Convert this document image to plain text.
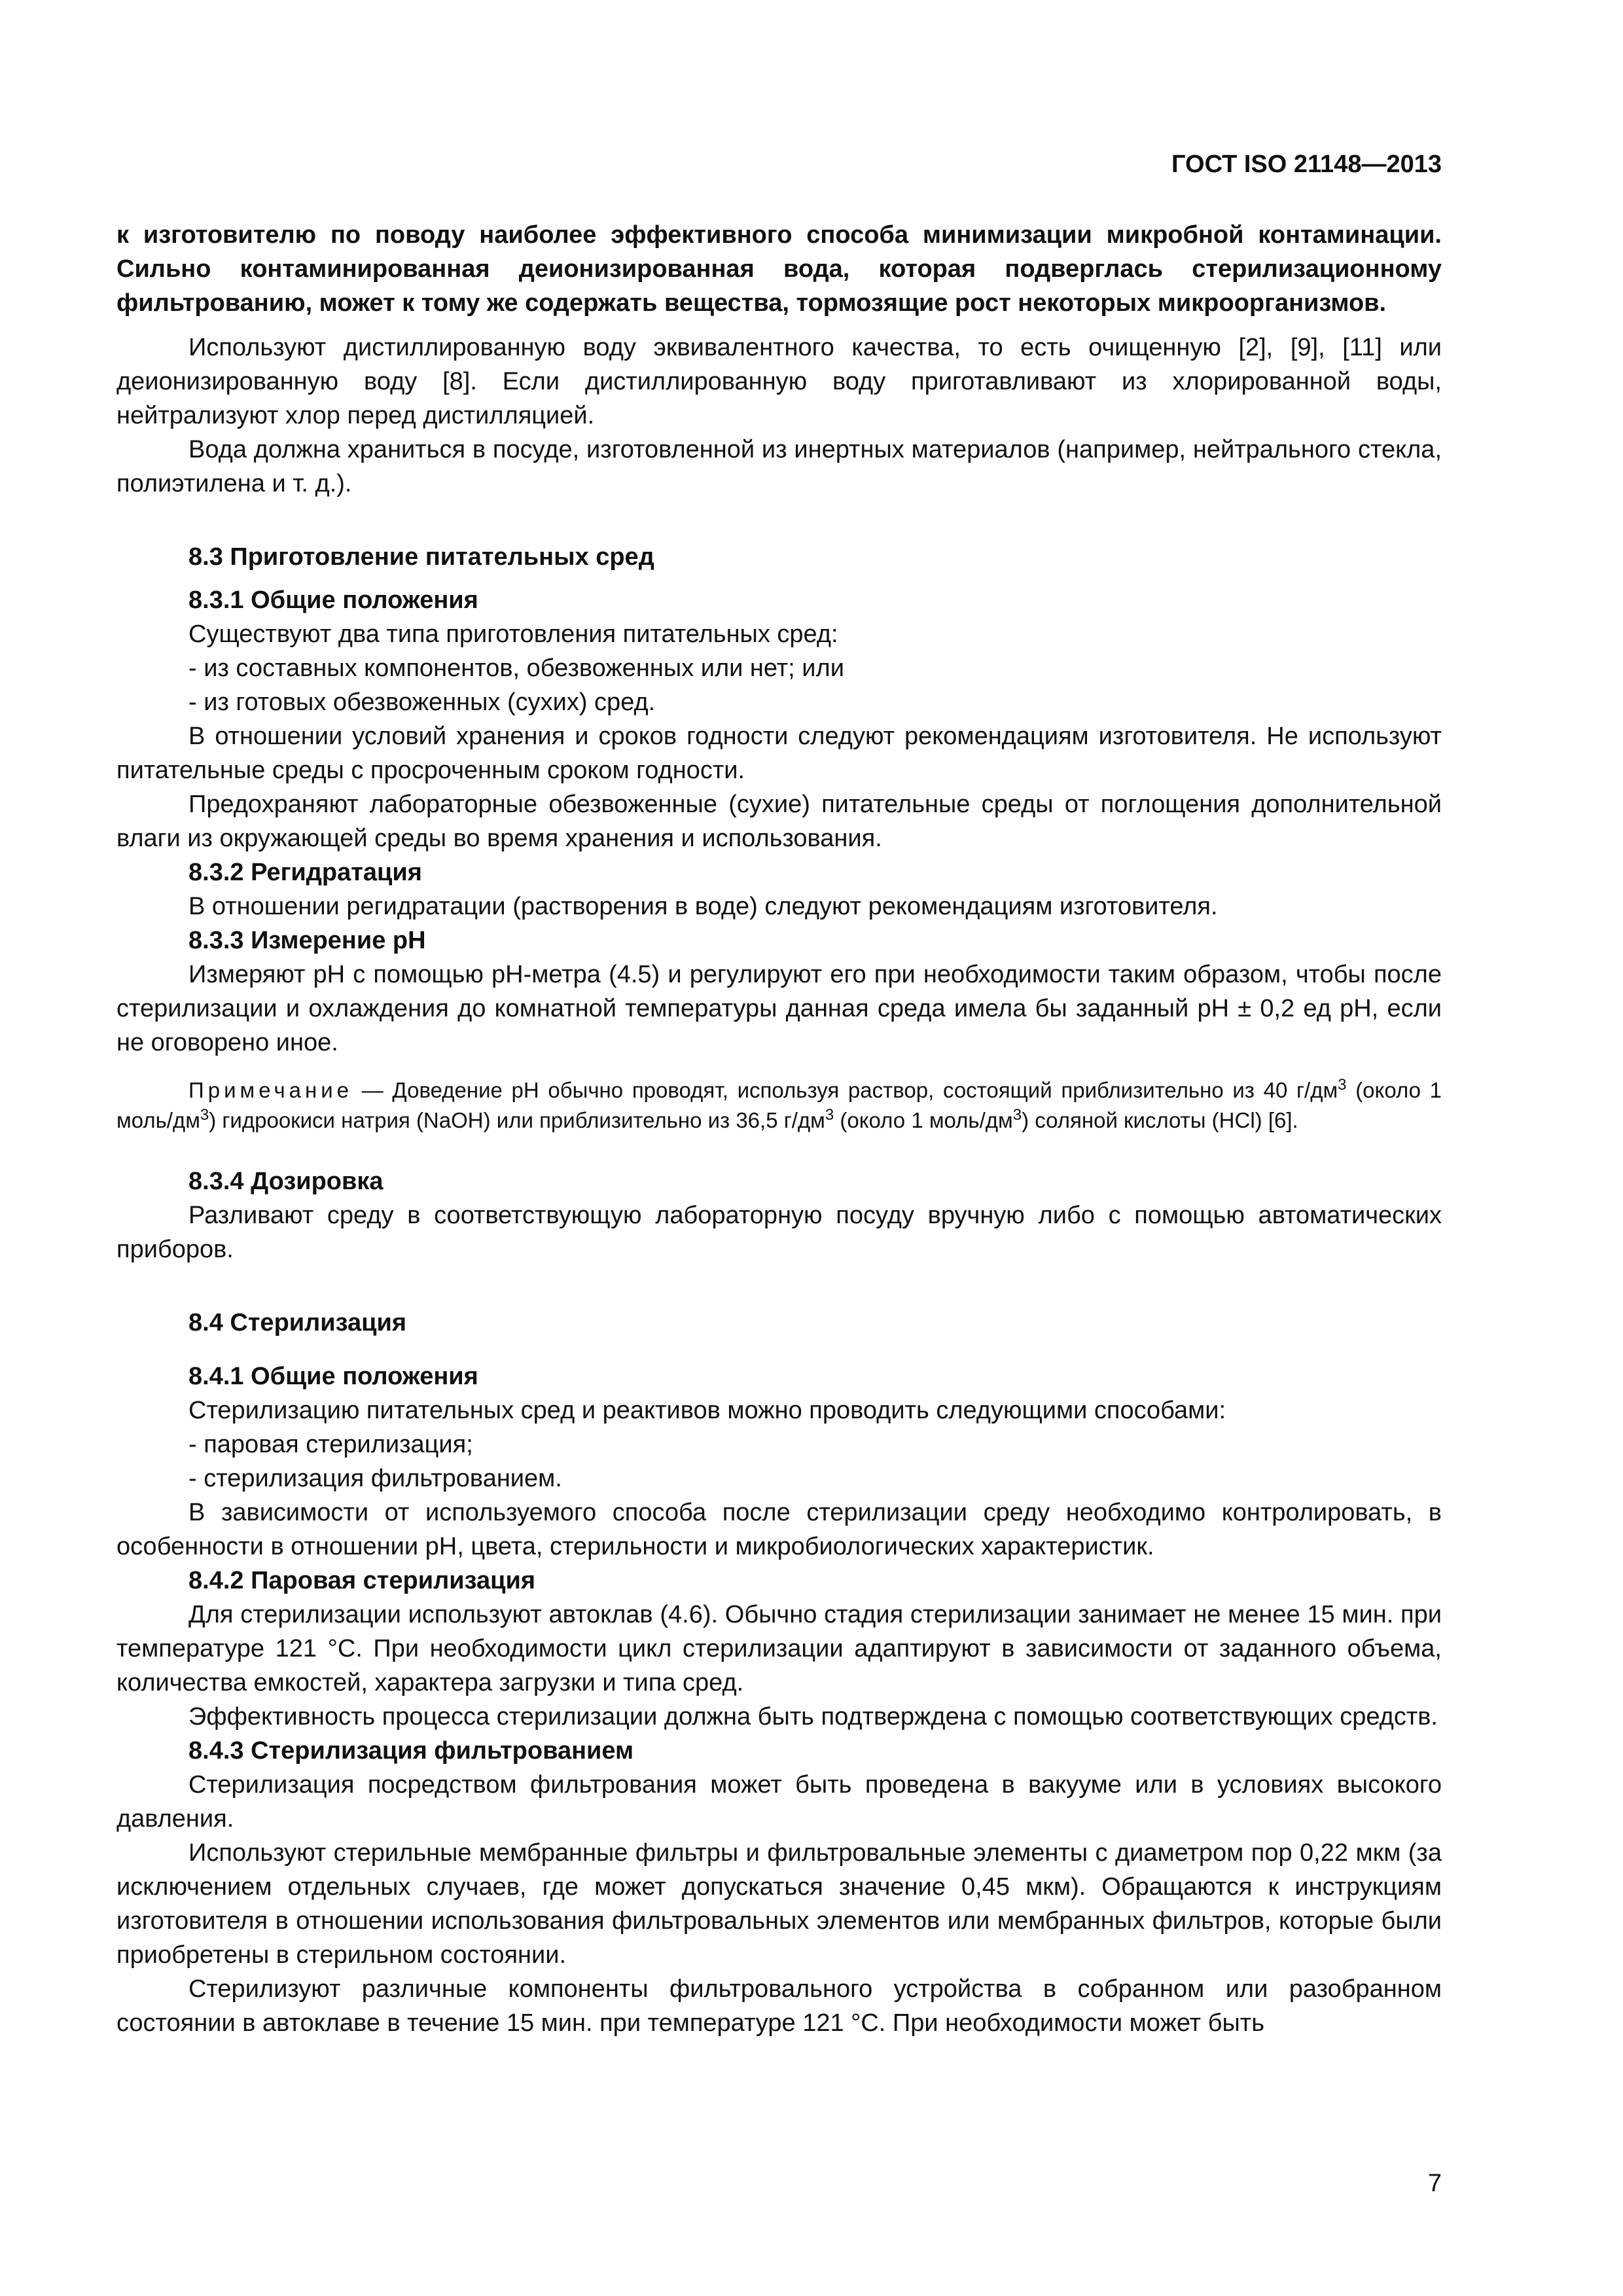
ГОСТ ISO 21148—2013

к изготовителю по поводу наиболее эффективного способа минимизации микробной контаминации. Сильно контаминированная деионизированная вода, которая подверглась стерилизационному фильтрованию, может к тому же содержать вещества, тормозящие рост некоторых микроорганизмов.

Используют дистиллированную воду эквивалентного качества, то есть очищенную [2], [9], [11] или деионизированную воду [8]. Если дистиллированную воду приготавливают из хлорированной воды, нейтрализуют хлор перед дистилляцией.

Вода должна храниться в посуде, изготовленной из инертных материалов (например, нейтрального стекла, полиэтилена и т. д.).

8.3 Приготовление питательных сред
8.3.1 Общие положения

Существуют два типа приготовления питательных сред:

- из составных компонентов, обезвоженных или нет; или
- из готовых обезвоженных (сухих) сред.

В отношении условий хранения и сроков годности следуют рекомендациям изготовителя. Не используют питательные среды с просроченным сроком годности.

Предохраняют лабораторные обезвоженные (сухие) питательные среды от поглощения дополнительной влаги из окружающей среды во время хранения и использования.

8.3.2 Регидратация

В отношении регидратации (растворения в воде) следуют рекомендациям изготовителя.

8.3.3 Измерение pH

Измеряют pH с помощью pH-метра (4.5) и регулируют его при необходимости таким образом, чтобы после стерилизации и охлаждения до комнатной температуры данная среда имела бы заданный pH ± 0,2 ед pH, если не оговорено иное.

Примечание — Доведение pH обычно проводят, используя раствор, состоящий приблизительно из 40 $г/дм^3$ (около 1 моль/$дм^3$) гидроокиси натрия (NaOH) или приблизительно из 36,5 $г/дм^3$ (около 1 моль/$дм^3$) соляной кислоты (HCl) [6].

8.3.4 Дозировка

Разливают среду в соответствующую лабораторную посуду вручную либо с помощью автоматических приборов.

8.4 Стерилизация
8.4.1 Общие положения

Стерилизацию питательных сред и реактивов можно проводить следующими способами:

- паровая стерилизация;
- стерилизация фильтрованием.

В зависимости от используемого способа после стерилизации среду необходимо контролировать, в особенности в отношении pH, цвета, стерильности и микробиологических характеристик.

8.4.2 Паровая стерилизация

Для стерилизации используют автоклав (4.6). Обычно стадия стерилизации занимает не менее 15 мин. при температуре 121 °С. При необходимости цикл стерилизации адаптируют в зависимости от заданного объема, количества емкостей, характера загрузки и типа сред.

Эффективность процесса стерилизации должна быть подтверждена с помощью соответствующих средств.

8.4.3 Стерилизация фильтрованием

Стерилизация посредством фильтрования может быть проведена в вакууме или в условиях высокого давления.

Используют стерильные мембранные фильтры и фильтровальные элементы с диаметром пор 0,22 мкм (за исключением отдельных случаев, где может допускаться значение 0,45 мкм). Обращаются к инструкциям изготовителя в отношении использования фильтровальных элементов или мембранных фильтров, которые были приобретены в стерильном состоянии.

Стерилизуют различные компоненты фильтровального устройства в собранном или разобранном состоянии в автоклаве в течение 15 мин. при температуре 121 °С. При необходимости может быть

7
